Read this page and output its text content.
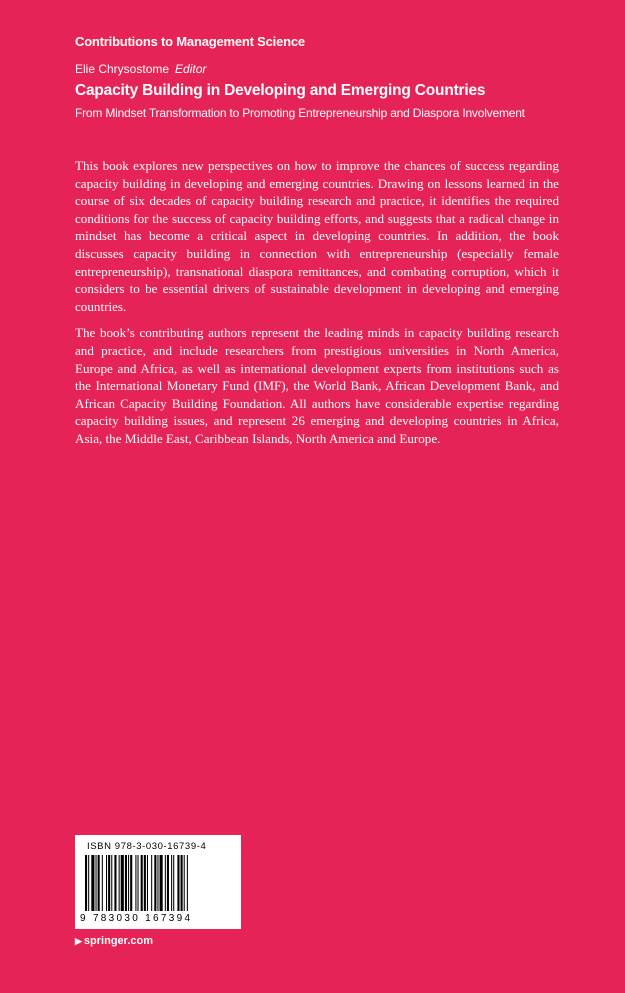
Contributions to Management Science
Elie Chrysostome Editor
Capacity Building in Developing and Emerging Countries
From Mindset Transformation to Promoting Entrepreneurship and Diaspora Involvement

This book explores new perspectives on how to improve the chances of success regarding capacity building in developing and emerging countries. Drawing on lessons learned in the course of six decades of capacity building research and practice, it identifies the required conditions for the success of capacity building efforts, and suggests that a radical change in mindset has become a critical aspect in developing countries. In addition, the book discusses capacity building in connection with entrepreneurship (especially female entrepreneurship), transnational diaspora remittances, and combating corruption, which it considers to be essential drivers of sustainable development in developing and emerging countries.

The book’s contributing authors represent the leading minds in capacity building research and practice, and include researchers from prestigious universities in North America, Europe and Africa, as well as international development experts from institutions such as the International Monetary Fund (IMF), the World Bank, African Development Bank, and African Capacity Building Foundation. All authors have considerable expertise regarding capacity building issues, and represent 26 emerging and developing countries in Africa, Asia, the Middle East, Caribbean Islands, North America and Europe.

ISBN 978-3-030-16739-4
9 783030 167394
▶ springer.com
